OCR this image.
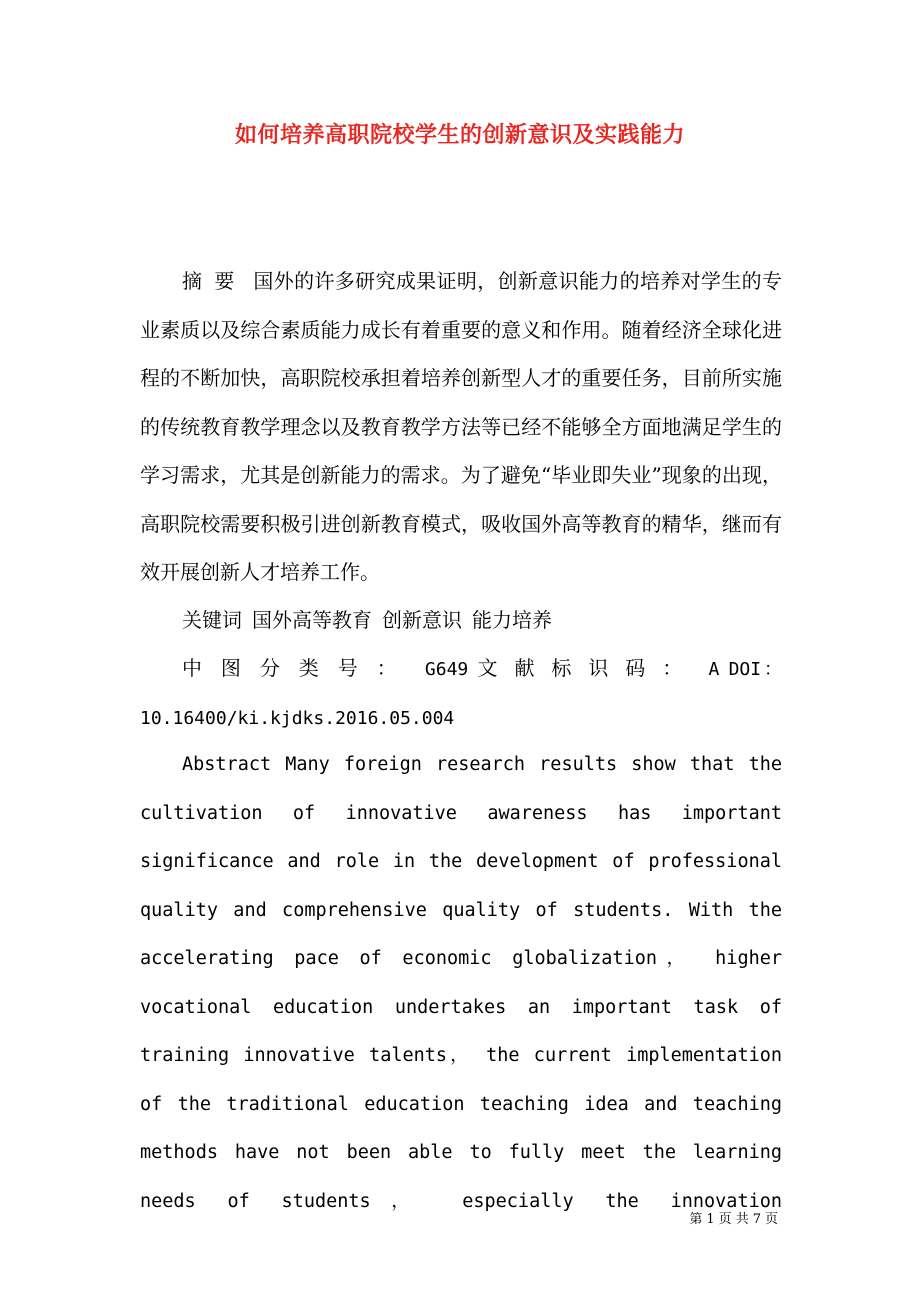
如何培养高职院校学生的创新意识及实践能力

摘要 国外的许多研究成果证明，创新意识能力的培养对学生的专业素质以及综合素质能力成长有着重要的意义和作用。随着经济全球化进程的不断加快，高职院校承担着培养创新型人才的重要任务，目前所实施的传统教育教学理念以及教育教学方法等已经不能够全方面地满足学生的学习需求，尤其是创新能力的需求。为了避免“毕业即失业”现象的出现，高职院校需要积极引进创新教育模式，吸收国外高等教育的精华，继而有效开展创新人才培养工作。

关键词 国外高等教育 创新意识 能力培养

中图分类号： G649 文献标识码： A DOI：
10.16400/ki.kjdks.2016.05.004

Abstract Many foreign research results show that the cultivation of innovative awareness has important significance and role in the development of professional quality and comprehensive quality of students. With the accelerating pace of economic globalization， higher vocational education undertakes an important task of training innovative talents， the current implementation of the traditional education teaching idea and teaching methods have not been able to fully meet the learning needs of students， especially the innovation

第 1 页 共 7 页
